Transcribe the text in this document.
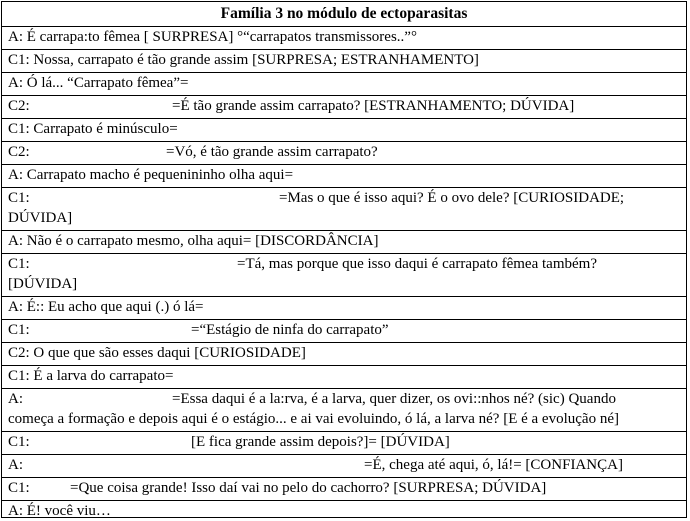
Família 3 no módulo de ectoparasitas
A: É carrapa:to fêmea [ SURPRESA] °“carrapatos transmissores..”°
C1: Nossa, carrapato é tão grande assim [SURPRESA; ESTRANHAMENTO]
A: Ó lá... “Carrapato fêmea”=
C2:	=É tão grande assim carrapato? [ESTRANHAMENTO; DÚVIDA]
C1: Carrapato é minúsculo=
C2:	=Vó, é tão grande assim carrapato?
A: Carrapato macho é pequenininho olha aqui=
C1:	=Mas o que é isso aqui? É o ovo dele? [CURIOSIDADE;
DÚVIDA]
A: Não é o carrapato mesmo, olha aqui= [DISCORDÂNCIA]
C1:	=Tá, mas porque que isso daqui é carrapato fêmea também?
[DÚVIDA]
A: É:: Eu acho que aqui (.) ó lá=
C1:	=“Estágio de ninfa do carrapato”
C2: O que que são esses daqui [CURIOSIDADE]
C1: É a larva do carrapato=
A:	=Essa daqui é a la:rva, é a larva, quer dizer, os ovi::nhos né? (sic) Quando
começa a formação e depois aqui é o estágio... e ai vai evoluindo, ó lá, a larva né? [E é a evolução né]
C1:	[E fica grande assim depois?]= [DÚVIDA]
A:	=É, chega até aqui, ó, lá!= [CONFIANÇA]
C1:	=Que coisa grande! Isso daí vai no pelo do cachorro? [SURPRESA; DÚVIDA]
A: É! você viu…
